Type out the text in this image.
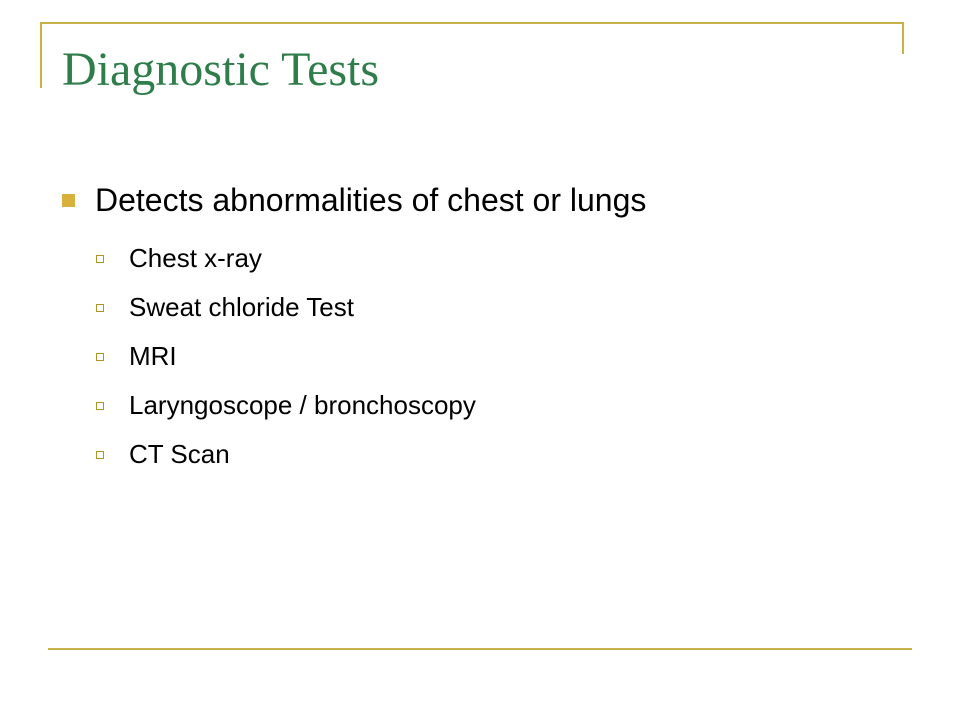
Diagnostic Tests
Detects abnormalities of chest or lungs
Chest x-ray
Sweat chloride Test
MRI
Laryngoscope / bronchoscopy
CT Scan
